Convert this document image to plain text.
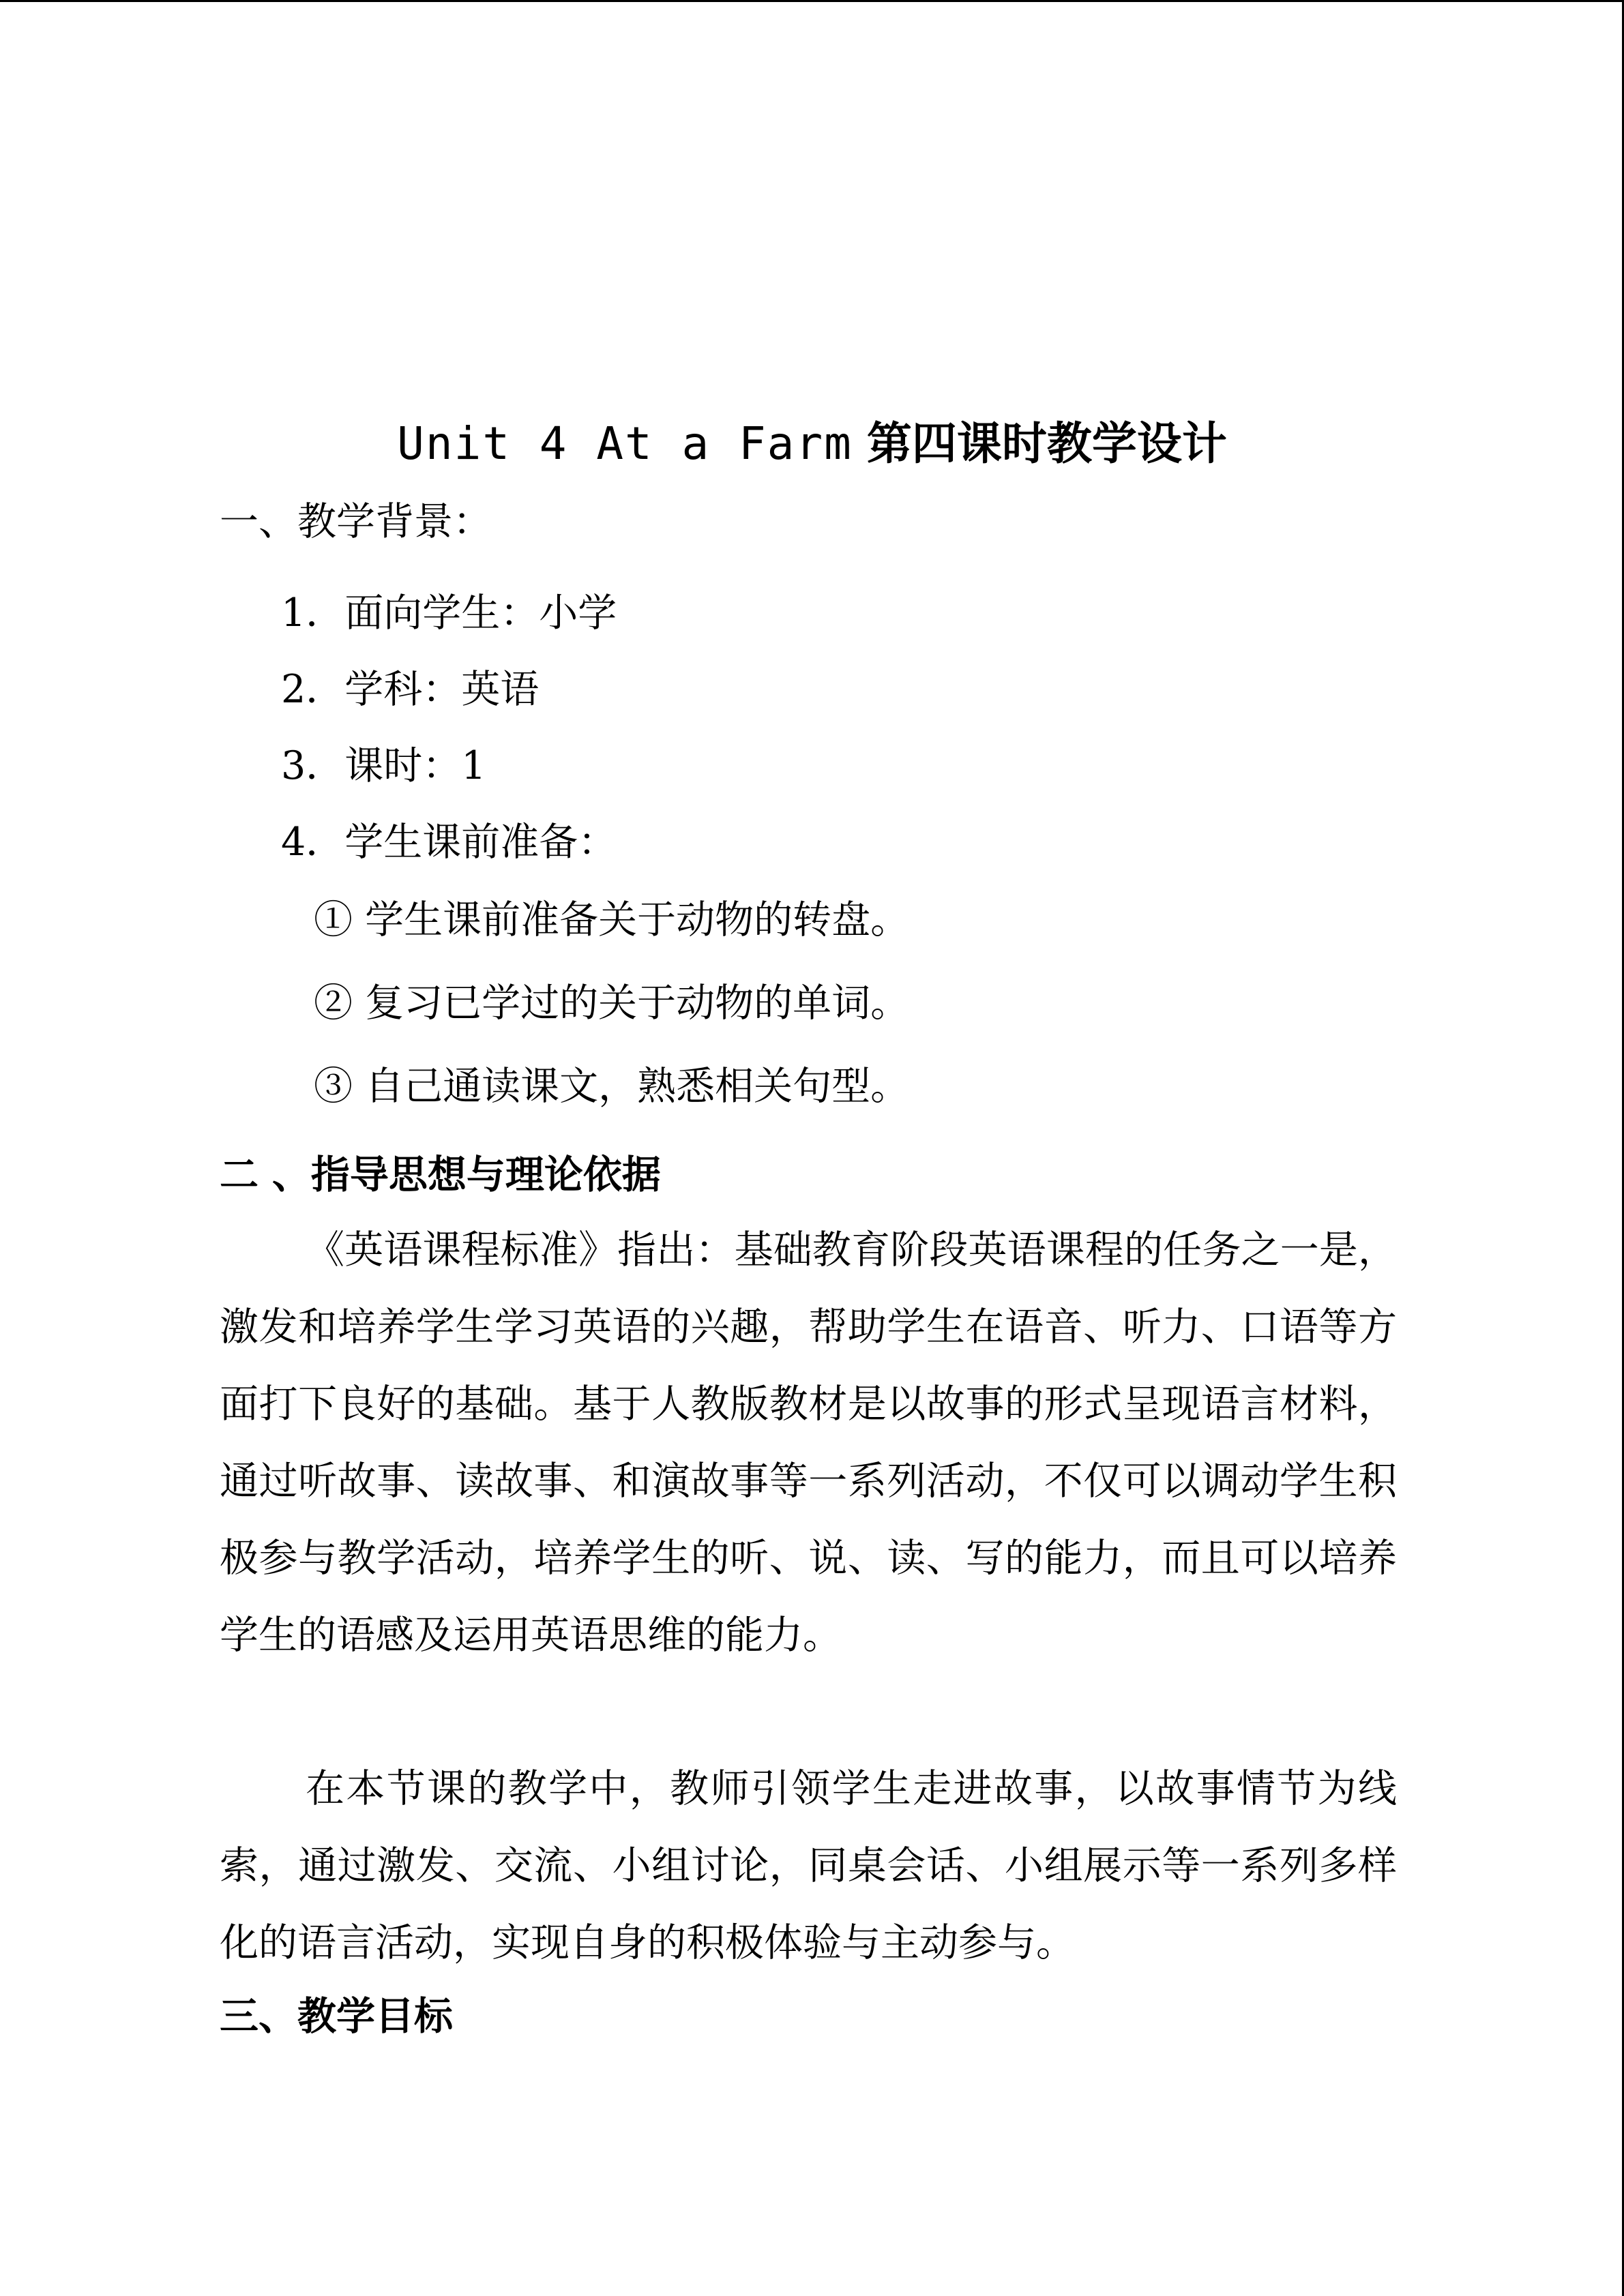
Unit 4 At a Farm 第四课时教学设计
一、教学背景：
1．面向学生：小学
2．学科：英语
3．课时：1
4．学生课前准备：
① 学生课前准备关于动物的转盘。
② 复习已学过的关于动物的单词。
③ 自己通读课文，熟悉相关句型。
二 、指导思想与理论依据
《英语课程标准》指出：基础教育阶段英语课程的任务之一是，激发和培养学生学习英语的兴趣，帮助学生在语音、听力、口语等方面打下良好的基础。基于人教版教材是以故事的形式呈现语言材料，通过听故事、读故事、和演故事等一系列活动，不仅可以调动学生积极参与教学活动，培养学生的听、说、读、写的能力，而且可以培养学生的语感及运用英语思维的能力。
在本节课的教学中，教师引领学生走进故事，以故事情节为线索，通过激发、交流、小组讨论，同桌会话、小组展示等一系列多样化的语言活动，实现自身的积极体验与主动参与。
三、教学目标
